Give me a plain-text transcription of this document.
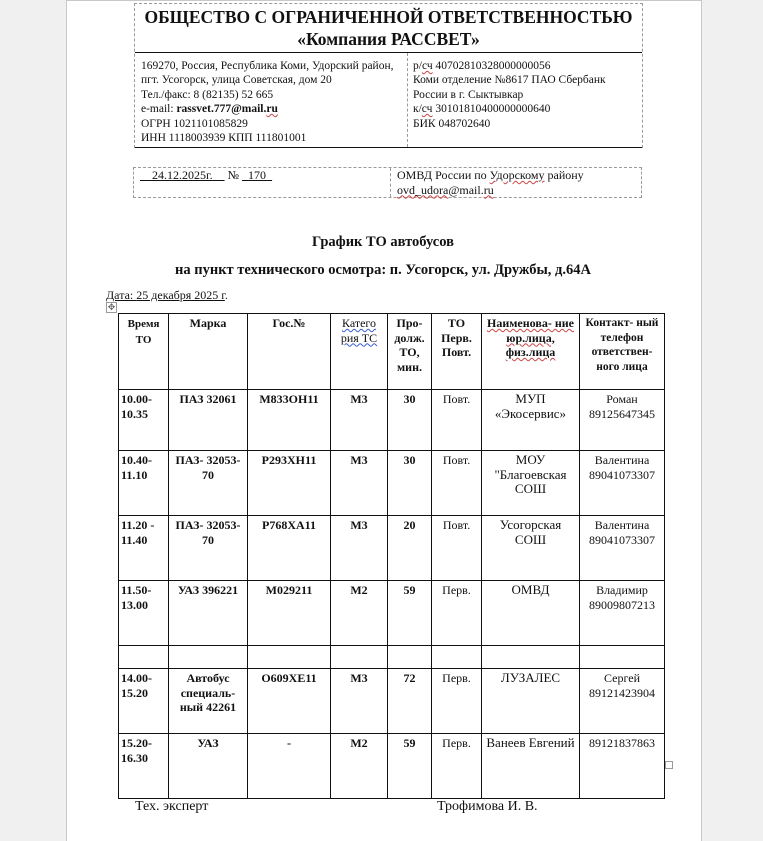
ОБЩЕСТВО С ОГРАНИЧЕННОЙ ОТВЕТСТВЕННОСТЬЮ
«Компания РАССВЕТ»
169270, Россия, Республика Коми, Удорский район,
пгт. Усогорск, улица Советская, дом 20
Тел./факс: 8 (82135) 52 665
e-mail: rassvet.777@mail.ru
ОГРН 1021101085829
ИНН 1118003939 КПП 111801001
р/сч 40702810328000000056
Коми отделение №8617 ПАО Сбербанк
России в г. Сыктывкар
к/сч 30101810400000000640
БИК 048702640
24.12.2025г.     № _170_	ОМВД России по Удорскому району
ovd_udora@mail.ru
График ТО автобусов
на пункт технического осмотра: п. Усогорск, ул. Дружбы, д.64А
Дата: 25 декабря 2025 г.
✥
Время ТО	Марка	Гос.№	Катего рия ТС	Про- долж. ТО, мин.	ТО Перв. Повт.	Наименова- ние юр.лица, физ.лица	Контакт- ный телефон ответствен- ного лица
10.00- 10.35	ПАЗ 32061	М833ОН11	М3	30	Повт.	МУП «Экосервис»	Роман 89125647345
10.40- 11.10	ПАЗ- 32053-70	Р293ХН11	М3	30	Повт.	МОУ "Благоевская СОШ	Валентина 89041073307
11.20 - 11.40	ПАЗ- 32053-70	Р768ХА11	М3	20	Повт.	Усогорская СОШ	Валентина 89041073307
11.50- 13.00	УАЗ 396221	М029211	М2	59	Перв.	ОМВД	Владимир 89009807213

14.00- 15.20	Автобус специаль- ный 42261	О609ХЕ11	М3	72	Перв.	ЛУЗАЛЕС	Сергей 89121423904
15.20- 16.30	УАЗ	-	М2	59	Перв.	Ванеев Евгений	89121837863
Тех. эксперт	Трофимова И. В.
